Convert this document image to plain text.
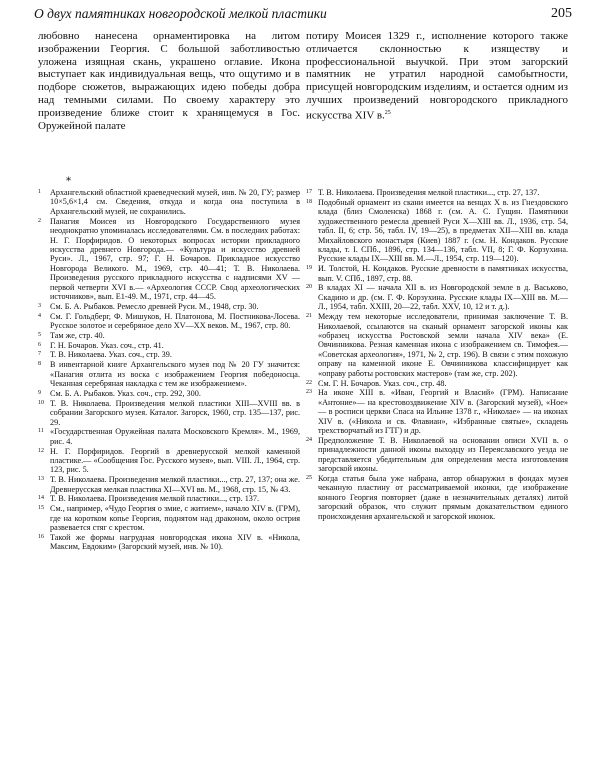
О двух памятниках новгородской мелкой пластики	205
любовно нанесена орнаментировка на литом изображении Георгия. С большой заботливостью уложена изящная скань, украшено оглавие. Икона выступает как индивидуальная вещь, что ощутимо и в подборе сюжетов, выражающих идею победы добра над темными силами. По своему характеру это произведение ближе стоит к хранящемуся в Гос. Оружейной палате
потиру Моисея 1329 г., исполнение которого также отличается склонностью к изяществу и профессиональной выучкой. При этом загорский памятник не утратил народной самобытности, присущей новгородским изделиям, и остается одним из лучших произведений новгородского прикладного искусства XIV в.$^{25}$
*
1	Архангельский областной краеведческий музей, инв. № 20, ГУ; размер 10×5,6×1,4 см. Сведения, откуда и когда она поступила в Архангельский музей, не сохранились.
2	Панагия Моисея из Новгородского Государственного музея неоднократно упоминалась исследователями. См. в последних работах: Н. Г. Порфиридов. О некоторых вопросах истории прикладного искусства древнего Новгорода.— «Культура и искусство древней Руси». Л., 1967, стр. 97; Г. Н. Бочаров. Прикладное искусство Новгорода Великого. М., 1969, стр. 40—41; Т. В. Николаева. Произведения русского прикладного искусства с надписями XV — первой четверти XVI в.— «Археология СССР. Свод археологических источников», вып. Е1-49. М., 1971, стр. 44—45.
3	См. Б. А. Рыбаков. Ремесло древней Руси. М., 1948, стр. 30.
4	См. Г. Гольдберг, Ф. Мишуков, Н. Платонова, М. Постникова-Лосева. Русское золотое и серебряное дело XV—XX веков. М., 1967, стр. 80.
5	Там же, стр. 40.
6	Г. Н. Бочаров. Указ. соч., стр. 41.
7	Т. В. Николаева. Указ. соч., стр. 39.
8	В инвентарной книге Архангельского музея под № 20 ГУ значится: «Панагия отлита из воска с изображением Георгия победоносца. Чеканная серебряная накладка с тем же изображением».
9	См. Б. А. Рыбаков. Указ. соч., стр. 292, 300.
10 Т. В. Николаева. Произведения мелкой пластики XIII—XVIII вв. в собрании Загорского музея. Каталог. Загорск, 1960, стр. 135—137, рис. 29.
11 «Государственная Оружейная палата Московского Кремля». М., 1969, рис. 4.
12 Н. Г. Порфиридов. Георгий в древнерусской мелкой каменной пластике.— «Сообщения Гос. Русского музея», вып. VIII. Л., 1964, стр. 123, рис. 5.
13 Т. В. Николаева. Произведения мелкой пластики..., стр. 27, 137; она же. Древнерусская мелкая пластика XI—XVI вв. М., 1968, стр. 15, № 43.
14 Т. В. Николаева. Произведения мелкой пластики..., стр. 137.
15 См., например, «Чудо Георгия о змие, с житием», начало XIV в. (ГРМ), где на коротком копье Георгия, поднятом над драконом, около острия развевается стяг с крестом.
16 Такой же формы нагрудная новгородская икона XIV в. «Никола, Максим, Евдоким» (Загорский музей, инв. № 10).
17 Т. В. Николаева. Произведения мелкой пластики..., стр. 27, 137.
18 Подобный орнамент из скани имеется на венцах Х в. из Гнездовского клада (близ Смоленска) 1868 г. (см. А. С. Гущин. Памятники художественного ремесла древней Руси Х—XIII вв. Л., 1936, стр. 54, табл. II, 6; стр. 56, табл. IV, 19—25), в предметах XII—XIII вв. клада Михайловского монастыря (Киев) 1887 г. (см. Н. Кондаков. Русские клады, т. I. СПб., 1896, стр. 134—136, табл. VII, 8; Г. Ф. Корзухина. Русские клады IX—XIII вв. М.—Л., 1954, стр. 119—120).
19 И. Толстой, Н. Кондаков. Русские древности в памятниках искусства, вып. V. СПб., 1897, стр. 88.
20 В кладах XI — начала XII в. из Новгородской земле в д. Васьково, Скадино и др. (см. Г. Ф. Корзухина. Русские клады IX—XIII вв. М.—Л., 1954, табл. XXIII, 20—22, табл. XXV, 10, 12 и т. д.).
21 Между тем некоторые исследователи, принимая заключение Т. В. Николаевой, ссылаются на сканый орнамент загорской иконы как «образец искусства Ростовской земли начала XIV века» (Е. Овчинникова. Резная каменная икона с изображением св. Тимофея.— «Советская археология», 1971, № 2, стр. 196). В связи с этим похожую оправу на каменной иконе Е. Овчинникова классифицирует как «оправу работы ростовских мастеров» (там же, стр. 202).
22 См. Г. Н. Бочаров. Указ. соч., стр. 48.
23 На иконе XIII в. «Иван, Георгий и Власий» (ГРМ). Написание «Антоние»— на крестовоздвижение XIV в. (Загорский музей), «Ное» — в росписи церкви Спаса на Ильине 1378 г., «Николае» — на иконах XIV в. («Никола и св. Флавиан», «Избранные святые», складень трехстворчатый из ГТГ) и др.
24 Предположение Т. В. Николаевой на основании описи XVII в. о принадлежности данной иконы выходцу из Переяславского уезда не представляется убедительным для определения места изготовления загорской иконы.
25 Когда статья была уже набрана, автор обнаружил в фондах музея чеканную пластину от рассматриваемой иконки, где изображение конного Георгия повторяет (даже в незначительных деталях) литой загорский образок, что служит прямым доказательством единого происхождения архангельской и загорской иконок.
